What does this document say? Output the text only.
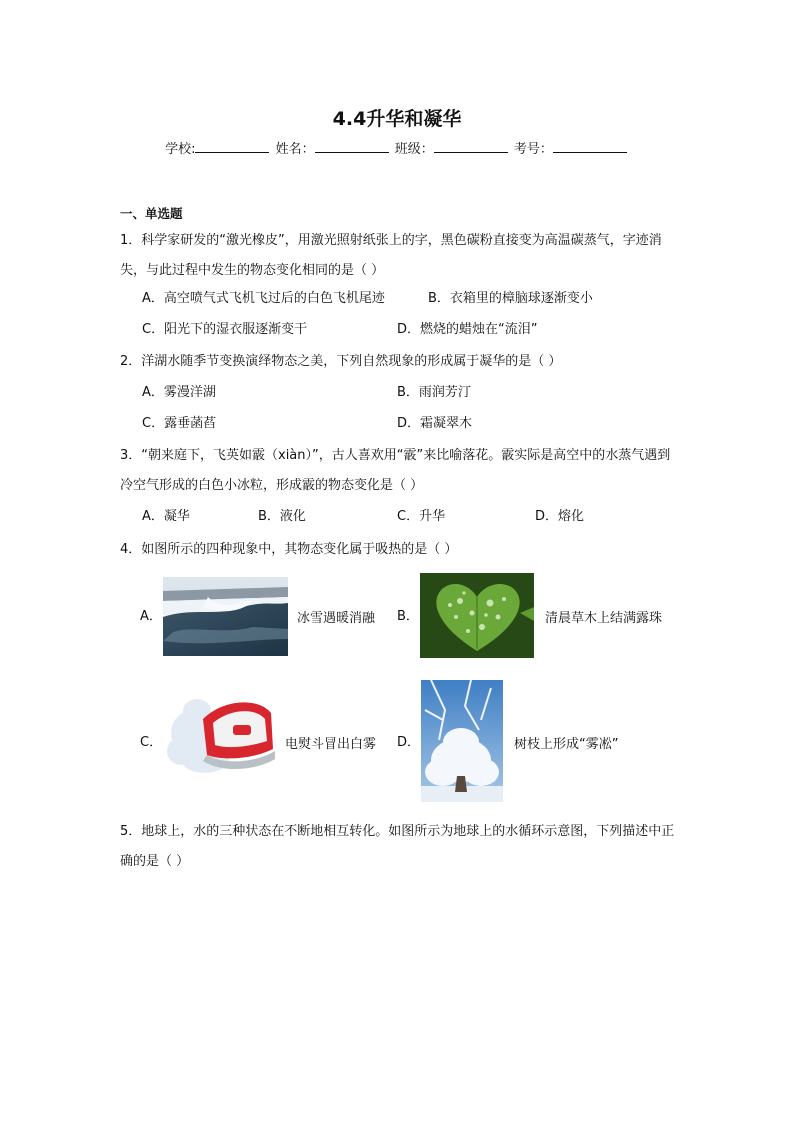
4.4升华和凝华
学校:	姓名：	班级：	考号：
一、单选题
1．科学家研发的“激光橡皮”，用激光照射纸张上的字，黑色碳粉直接变为高温碳蒸气，字迹消失，与此过程中发生的物态变化相同的是（ ）
A．高空喷气式飞机飞过后的白色飞机尾迹	B．衣箱里的樟脑球逐渐变小
C．阳光下的湿衣服逐渐变干	D．燃烧的蜡烛在“流泪”
2．洋湖水随季节变换演绎物态之美，下列自然现象的形成属于凝华的是（ ）
A．雾漫洋湖	B．雨润芳汀
C．露垂菡萏	D．霜凝翠木
3．“朝来庭下，飞英如霰（xiàn）”，古人喜欢用“霰”来比喻落花。霰实际是高空中的水蒸气遇到冷空气形成的白色小冰粒，形成霰的物态变化是（ ）
A．凝华	B．液化	C．升华	D．熔化
4．如图所示的四种现象中，其物态变化属于吸热的是（ ）
A．	冰雪遇暖消融 B．	清晨草木上结满露珠
C．	电熨斗冒出白雾 D．	树枝上形成“雾凇”
5．地球上，水的三种状态在不断地相互转化。如图所示为地球上的水循环示意图，下列描述中正确的是（ ）
